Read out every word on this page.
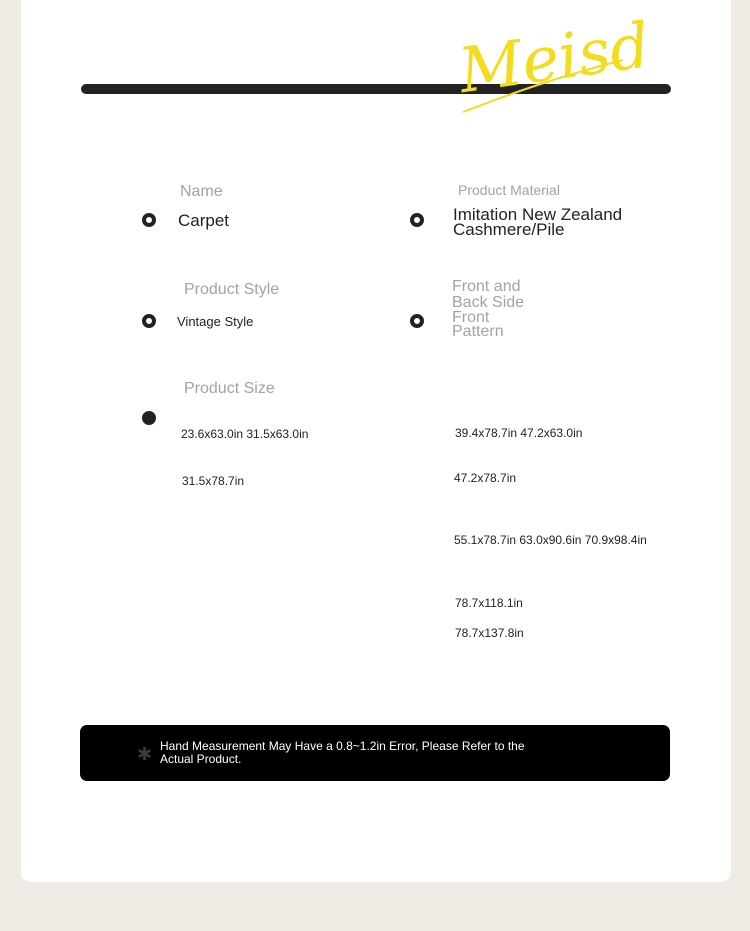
Meisd
Name
Carpet
Product Material
Imitation New Zealand
Cashmere/Pile
Product Style
Vintage Style
Front and
Back Side
Front
Pattern
Product Size
23.6x63.0in 31.5x63.0in
31.5x78.7in
39.4x78.7in 47.2x63.0in
47.2x78.7in
55.1x78.7in 63.0x90.6in 70.9x98.4in
78.7x118.1in
78.7x137.8in
✱ Hand Measurement May Have a 0.8~1.2in Error, Please Refer to the Actual Product.
